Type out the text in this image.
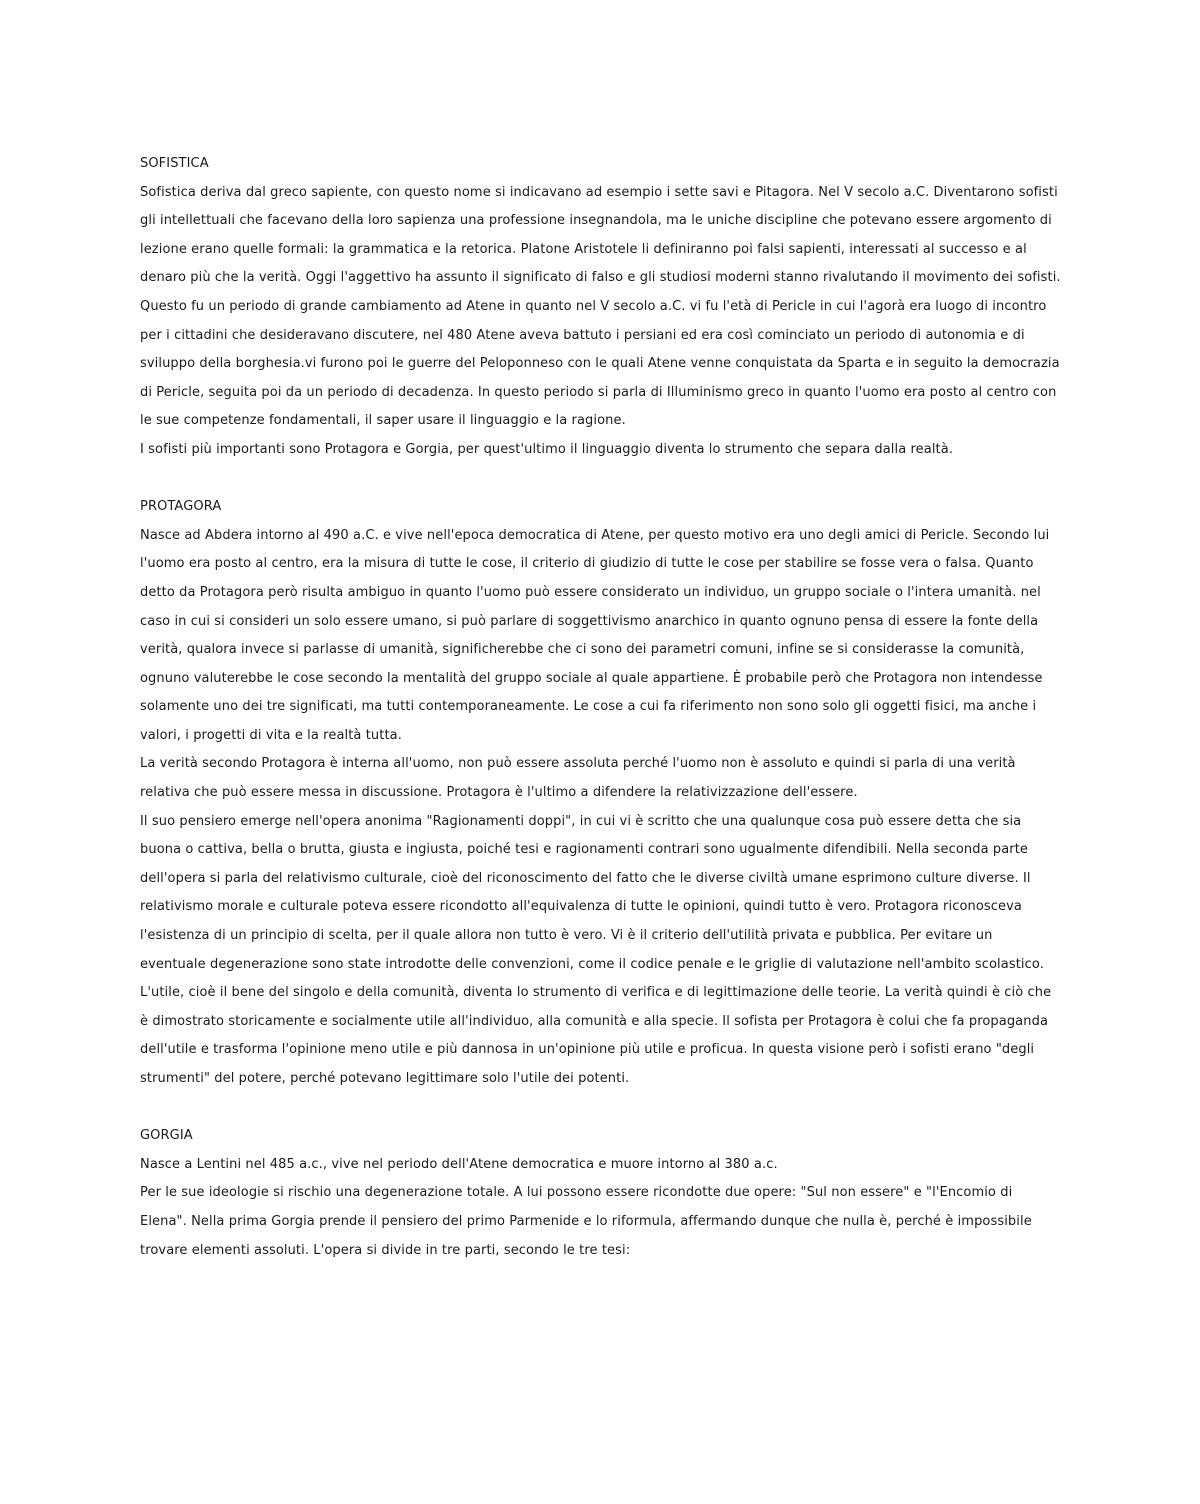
SOFISTICA

Sofistica deriva dal greco sapiente, con questo nome si indicavano ad esempio i sette savi e Pitagora. Nel V secolo a.C. Diventarono sofisti gli intellettuali che facevano della loro sapienza una professione insegnandola, ma le uniche discipline che potevano essere argomento di lezione erano quelle formali: la grammatica e la retorica. Platone Aristotele li definiranno poi falsi sapienti, interessati al successo e al denaro più che la verità. Oggi l'aggettivo ha assunto il significato di falso e gli studiosi moderni stanno rivalutando il movimento dei sofisti.

Questo fu un periodo di grande cambiamento ad Atene in quanto nel V secolo a.C. vi fu l'età di Pericle in cui l'agorà era luogo di incontro per i cittadini che desideravano discutere, nel 480 Atene aveva battuto i persiani ed era così cominciato un periodo di autonomia e di sviluppo della borghesia.vi furono poi le guerre del Peloponneso con le quali Atene venne conquistata da Sparta e in seguito la democrazia di Pericle, seguita poi da un periodo di decadenza. In questo periodo si parla di Illuminismo greco in quanto l'uomo era posto al centro con le sue competenze fondamentali, il saper usare il linguaggio e la ragione.

I sofisti più importanti sono Protagora e Gorgia, per quest'ultimo il linguaggio diventa lo strumento che separa dalla realtà.

PROTAGORA

Nasce ad Abdera intorno al 490 a.C. e vive nell'epoca democratica di Atene, per questo motivo era uno degli amici di Pericle. Secondo lui l'uomo era posto al centro, era la misura di tutte le cose, il criterio di giudizio di tutte le cose per stabilire se fosse vera o falsa. Quanto detto da Protagora però risulta ambiguo in quanto l'uomo può essere considerato un individuo, un gruppo sociale o l'intera umanità. nel caso in cui si consideri un solo essere umano, si può parlare di soggettivismo anarchico in quanto ognuno pensa di essere la fonte della verità, qualora invece si parlasse di umanità, significherebbe che ci sono dei parametri comuni, infine se si considerasse la comunità, ognuno valuterebbe le cose secondo la mentalità del gruppo sociale al quale appartiene. È probabile però che Protagora non intendesse solamente uno dei tre significati, ma tutti contemporaneamente. Le cose a cui fa riferimento non sono solo gli oggetti fisici, ma anche i valori, i progetti di vita e la realtà tutta.

La verità secondo Protagora è interna all'uomo, non può essere assoluta perché l'uomo non è assoluto e quindi si parla di una verità relativa che può essere messa in discussione. Protagora è l'ultimo a difendere la relativizzazione dell'essere.

Il suo pensiero emerge nell'opera anonima "Ragionamenti doppi", in cui vi è scritto che una qualunque cosa può essere detta che sia buona o cattiva, bella o brutta, giusta e ingiusta, poiché tesi e ragionamenti contrari sono ugualmente difendibili. Nella seconda parte dell'opera si parla del relativismo culturale, cioè del riconoscimento del fatto che le diverse civiltà umane esprimono culture diverse. Il relativismo morale e culturale poteva essere ricondotto all'equivalenza di tutte le opinioni, quindi tutto è vero. Protagora riconosceva l'esistenza di un principio di scelta, per il quale allora non tutto è vero. Vi è il criterio dell'utilità privata e pubblica. Per evitare un eventuale degenerazione sono state introdotte delle convenzioni, come il codice penale e le griglie di valutazione nell'ambito scolastico. L'utile, cioè il bene del singolo e della comunità, diventa lo strumento di verifica e di legittimazione delle teorie. La verità quindi è ciò che è dimostrato storicamente e socialmente utile all'individuo, alla comunità e alla specie. Il sofista per Protagora è colui che fa propaganda dell'utile e trasforma l'opinione meno utile e più dannosa in un'opinione più utile e proficua. In questa visione però i sofisti erano "degli strumenti" del potere, perché potevano legittimare solo l'utile dei potenti.

GORGIA

Nasce a Lentini nel 485 a.c., vive nel periodo dell'Atene democratica e muore intorno al 380 a.c.

Per le sue ideologie si rischio una degenerazione totale. A lui possono essere ricondotte due opere: "Sul non essere" e "l'Encomio di Elena". Nella prima Gorgia prende il pensiero del primo Parmenide e lo riformula, affermando dunque che nulla è, perché è impossibile trovare elementi assoluti. L'opera si divide in tre parti, secondo le tre tesi:
